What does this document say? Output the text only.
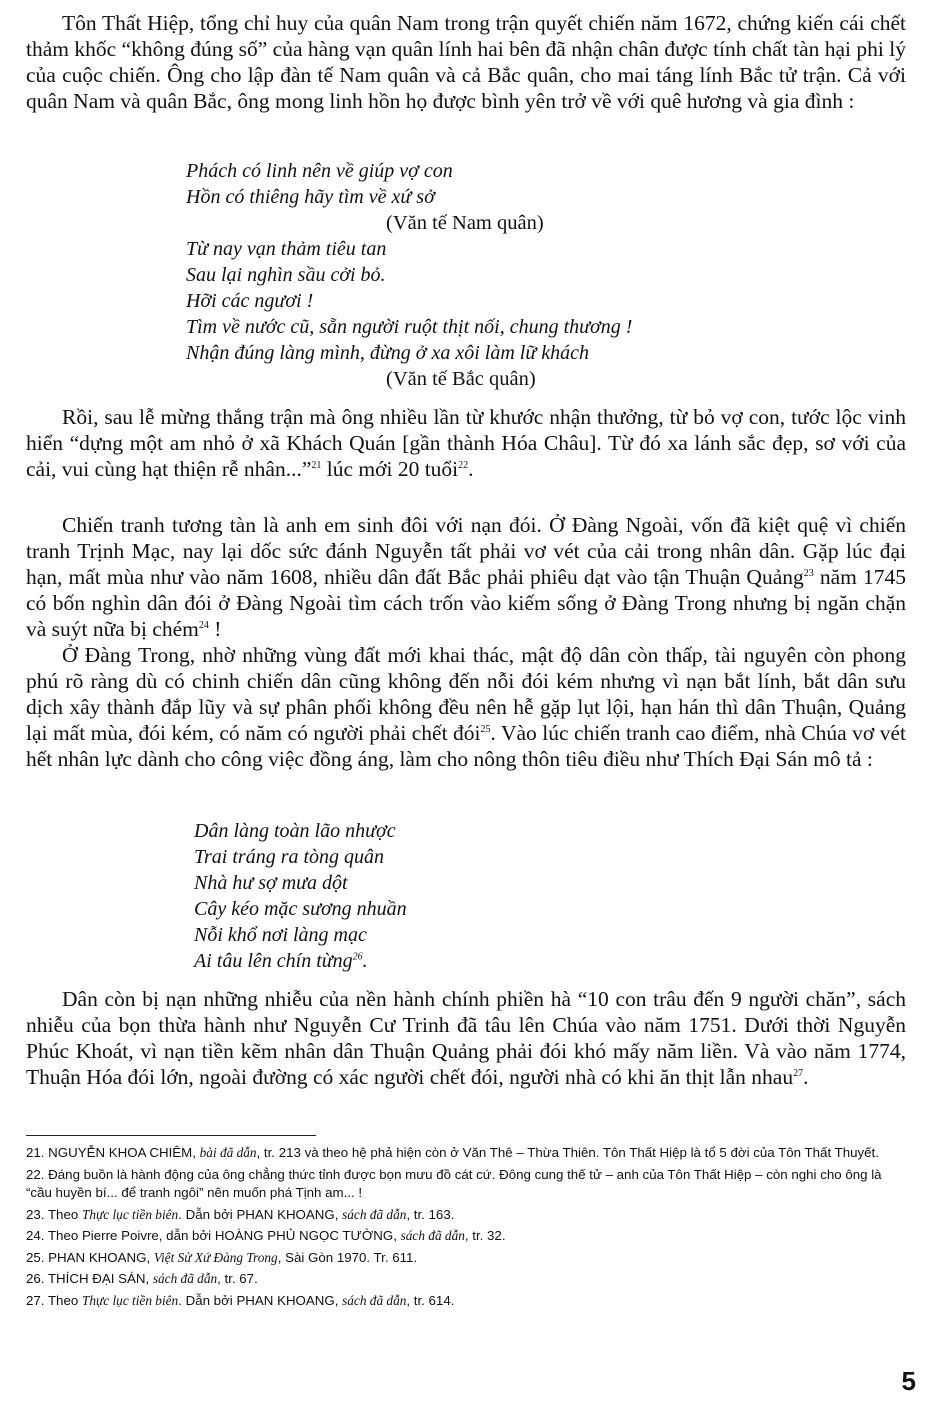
Tôn Thất Hiệp, tổng chỉ huy của quân Nam trong trận quyết chiến năm 1672, chứng kiến cái chết thảm khốc “không đúng số” của hàng vạn quân lính hai bên đã nhận chân được tính chất tàn hại phi lý của cuộc chiến. Ông cho lập đàn tế Nam quân và cả Bắc quân, cho mai táng lính Bắc tử trận. Cả với quân Nam và quân Bắc, ông mong linh hồn họ được bình yên trở về với quê hương và gia đình :

Phách có linh nên về giúp vợ con
Hồn có thiêng hãy tìm về xứ sở
(Văn tế Nam quân)
Từ nay vạn thảm tiêu tan
Sau lại nghìn sầu cởi bỏ.
Hỡi các ngươi !
Tìm về nước cũ, sẵn người ruột thịt nối, chung thương !
Nhận đúng làng mình, đừng ở xa xôi làm lữ khách
(Văn tế Bắc quân)

Rồi, sau lễ mừng thắng trận mà ông nhiều lần từ khước nhận thưởng, từ bỏ vợ con, tước lộc vinh hiển “dựng một am nhỏ ở xã Khách Quán [gần thành Hóa Châu]. Từ đó xa lánh sắc đẹp, sơ với của cải, vui cùng hạt thiện rễ nhân...”$^{21}$ lúc mới 20 tuổi$^{22}$.

Chiến tranh tương tàn là anh em sinh đôi với nạn đói. Ở Đàng Ngoài, vốn đã kiệt quệ vì chiến tranh Trịnh Mạc, nay lại dốc sức đánh Nguyễn tất phải vơ vét của cải trong nhân dân. Gặp lúc đại hạn, mất mùa như vào năm 1608, nhiều dân đất Bắc phải phiêu dạt vào tận Thuận Quảng$^{23}$ năm 1745 có bốn nghìn dân đói ở Đàng Ngoài tìm cách trốn vào kiếm sống ở Đàng Trong nhưng bị ngăn chặn và suýt nữa bị chém$^{24}$ !

Ở Đàng Trong, nhờ những vùng đất mới khai thác, mật độ dân còn thấp, tài nguyên còn phong phú rõ ràng dù có chinh chiến dân cũng không đến nỗi đói kém nhưng vì nạn bắt lính, bắt dân sưu dịch xây thành đắp lũy và sự phân phối không đều nên hễ gặp lụt lội, hạn hán thì dân Thuận, Quảng lại mất mùa, đói kém, có năm có người phải chết đói$^{25}$. Vào lúc chiến tranh cao điểm, nhà Chúa vơ vét hết nhân lực dành cho công việc đồng áng, làm cho nông thôn tiêu điều như Thích Đại Sán mô tả :

Dân làng toàn lão nhược
Trai tráng ra tòng quân
Nhà hư sợ mưa dột
Cây kéo mặc sương nhuần
Nỗi khổ nơi làng mạc
Ai tâu lên chín từng$^{26}$.

Dân còn bị nạn những nhiễu của nền hành chính phiền hà “10 con trâu đến 9 người chăn”, sách nhiễu của bọn thừa hành như Nguyễn Cư Trinh đã tâu lên Chúa vào năm 1751. Dưới thời Nguyễn Phúc Khoát, vì nạn tiền kẽm nhân dân Thuận Quảng phải đói khó mấy năm liền. Và vào năm 1774, Thuận Hóa đói lớn, ngoài đường có xác người chết đói, người nhà có khi ăn thịt lẫn nhau$^{27}$.

21. NGUYỄN KHOA CHIÊM, bài đã dẫn, tr. 213 và theo hệ phả hiện còn ở Văn Thê – Thừa Thiên. Tôn Thất Hiệp là tổ 5 đời của Tôn Thất Thuyết.
22. Đáng buồn là hành động của ông chẳng thức tỉnh được bọn mưu đồ cát cứ. Đông cung thế tử – anh của Tôn Thất Hiệp – còn nghi cho ông là “cầu huyền bí... để tranh ngôi” nên muốn phá Tịnh am... !
23. Theo Thực lục tiền biên. Dẫn bởi PHAN KHOANG, sách đã dẫn, tr. 163.
24. Theo Pierre Poivre, dẫn bởi HOÀNG PHỦ NGỌC TƯỜNG, sách đã dẫn, tr. 32.
25. PHAN KHOANG, Việt Sử Xứ Đàng Trong, Sài Gòn 1970. Tr. 611.
26. THÍCH ĐẠI SÁN, sách đã dẫn, tr. 67.
27. Theo Thực lục tiền biên. Dẫn bởi PHAN KHOANG, sách đã dẫn, tr. 614.
5
